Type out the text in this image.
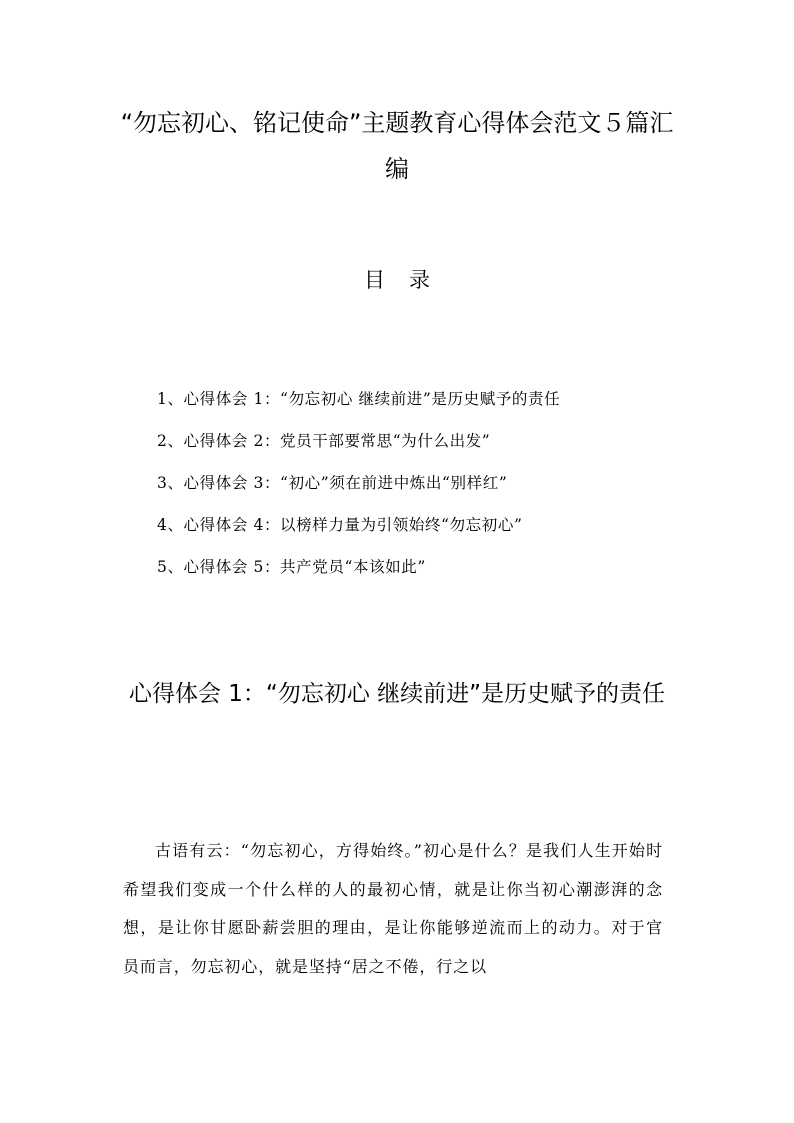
“勿忘初心、铭记使命”主题教育心得体会范文５篇汇编
目录
1、心得体会 1：“勿忘初心 继续前进”是历史赋予的责任
2、心得体会 2：党员干部要常思“为什么出发”
3、心得体会 3：“初心”须在前进中炼出“别样红”
4、心得体会 4：以榜样力量为引领始终“勿忘初心”
5、心得体会 5：共产党员“本该如此”
心得体会 1：“勿忘初心 继续前进”是历史赋予的责任

古语有云：“勿忘初心，方得始终。”初心是什么？是我们人生开始时希望我们变成一个什么样的人的最初心情，就是让你当初心潮澎湃的念想，是让你甘愿卧薪尝胆的理由，是让你能够逆流而上的动力。对于官员而言，勿忘初心，就是坚持“居之不倦，行之以
